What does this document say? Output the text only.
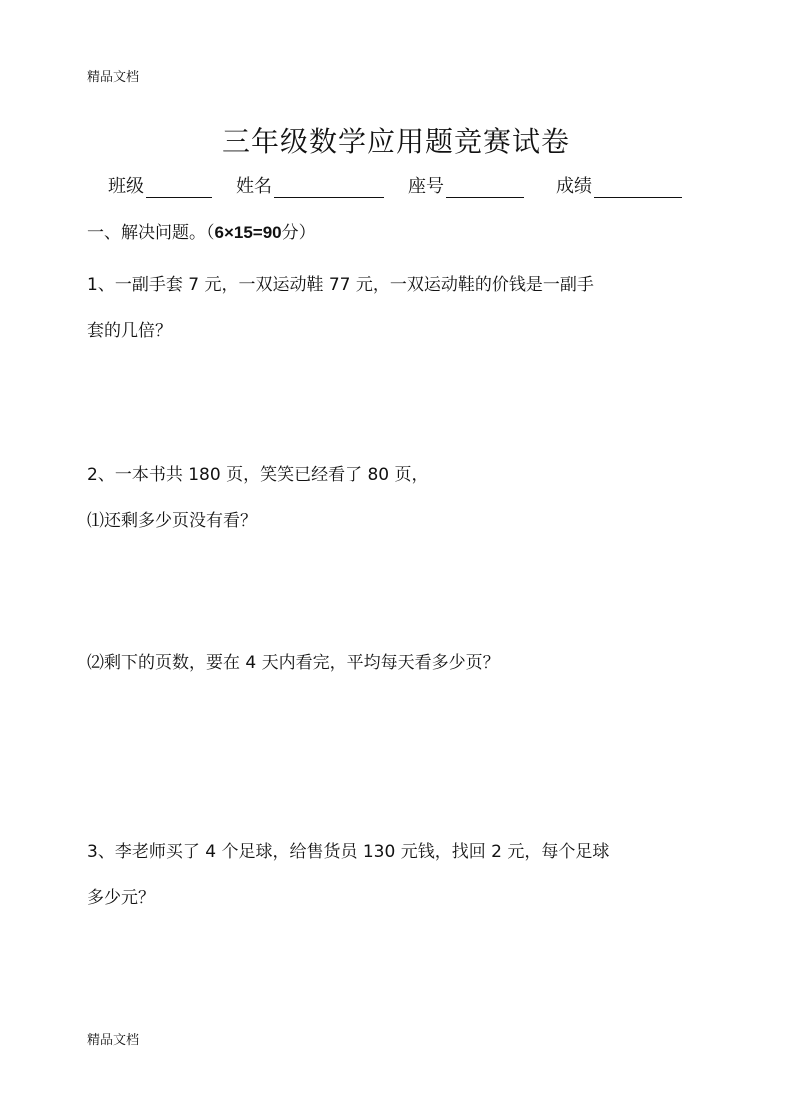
精品文档
三年级数学应用题竞赛试卷
班级	姓名	座号	成绩
一、解决问题。（6×15=90分）
1、一副手套 7 元，一双运动鞋 77 元，一双运动鞋的价钱是一副手
套的几倍？
2、一本书共 180 页，笑笑已经看了 80 页，
⑴还剩多少页没有看？
⑵剩下的页数，要在 4 天内看完，平均每天看多少页？
3、李老师买了 4 个足球，给售货员 130 元钱，找回 2 元，每个足球
多少元？
精品文档
